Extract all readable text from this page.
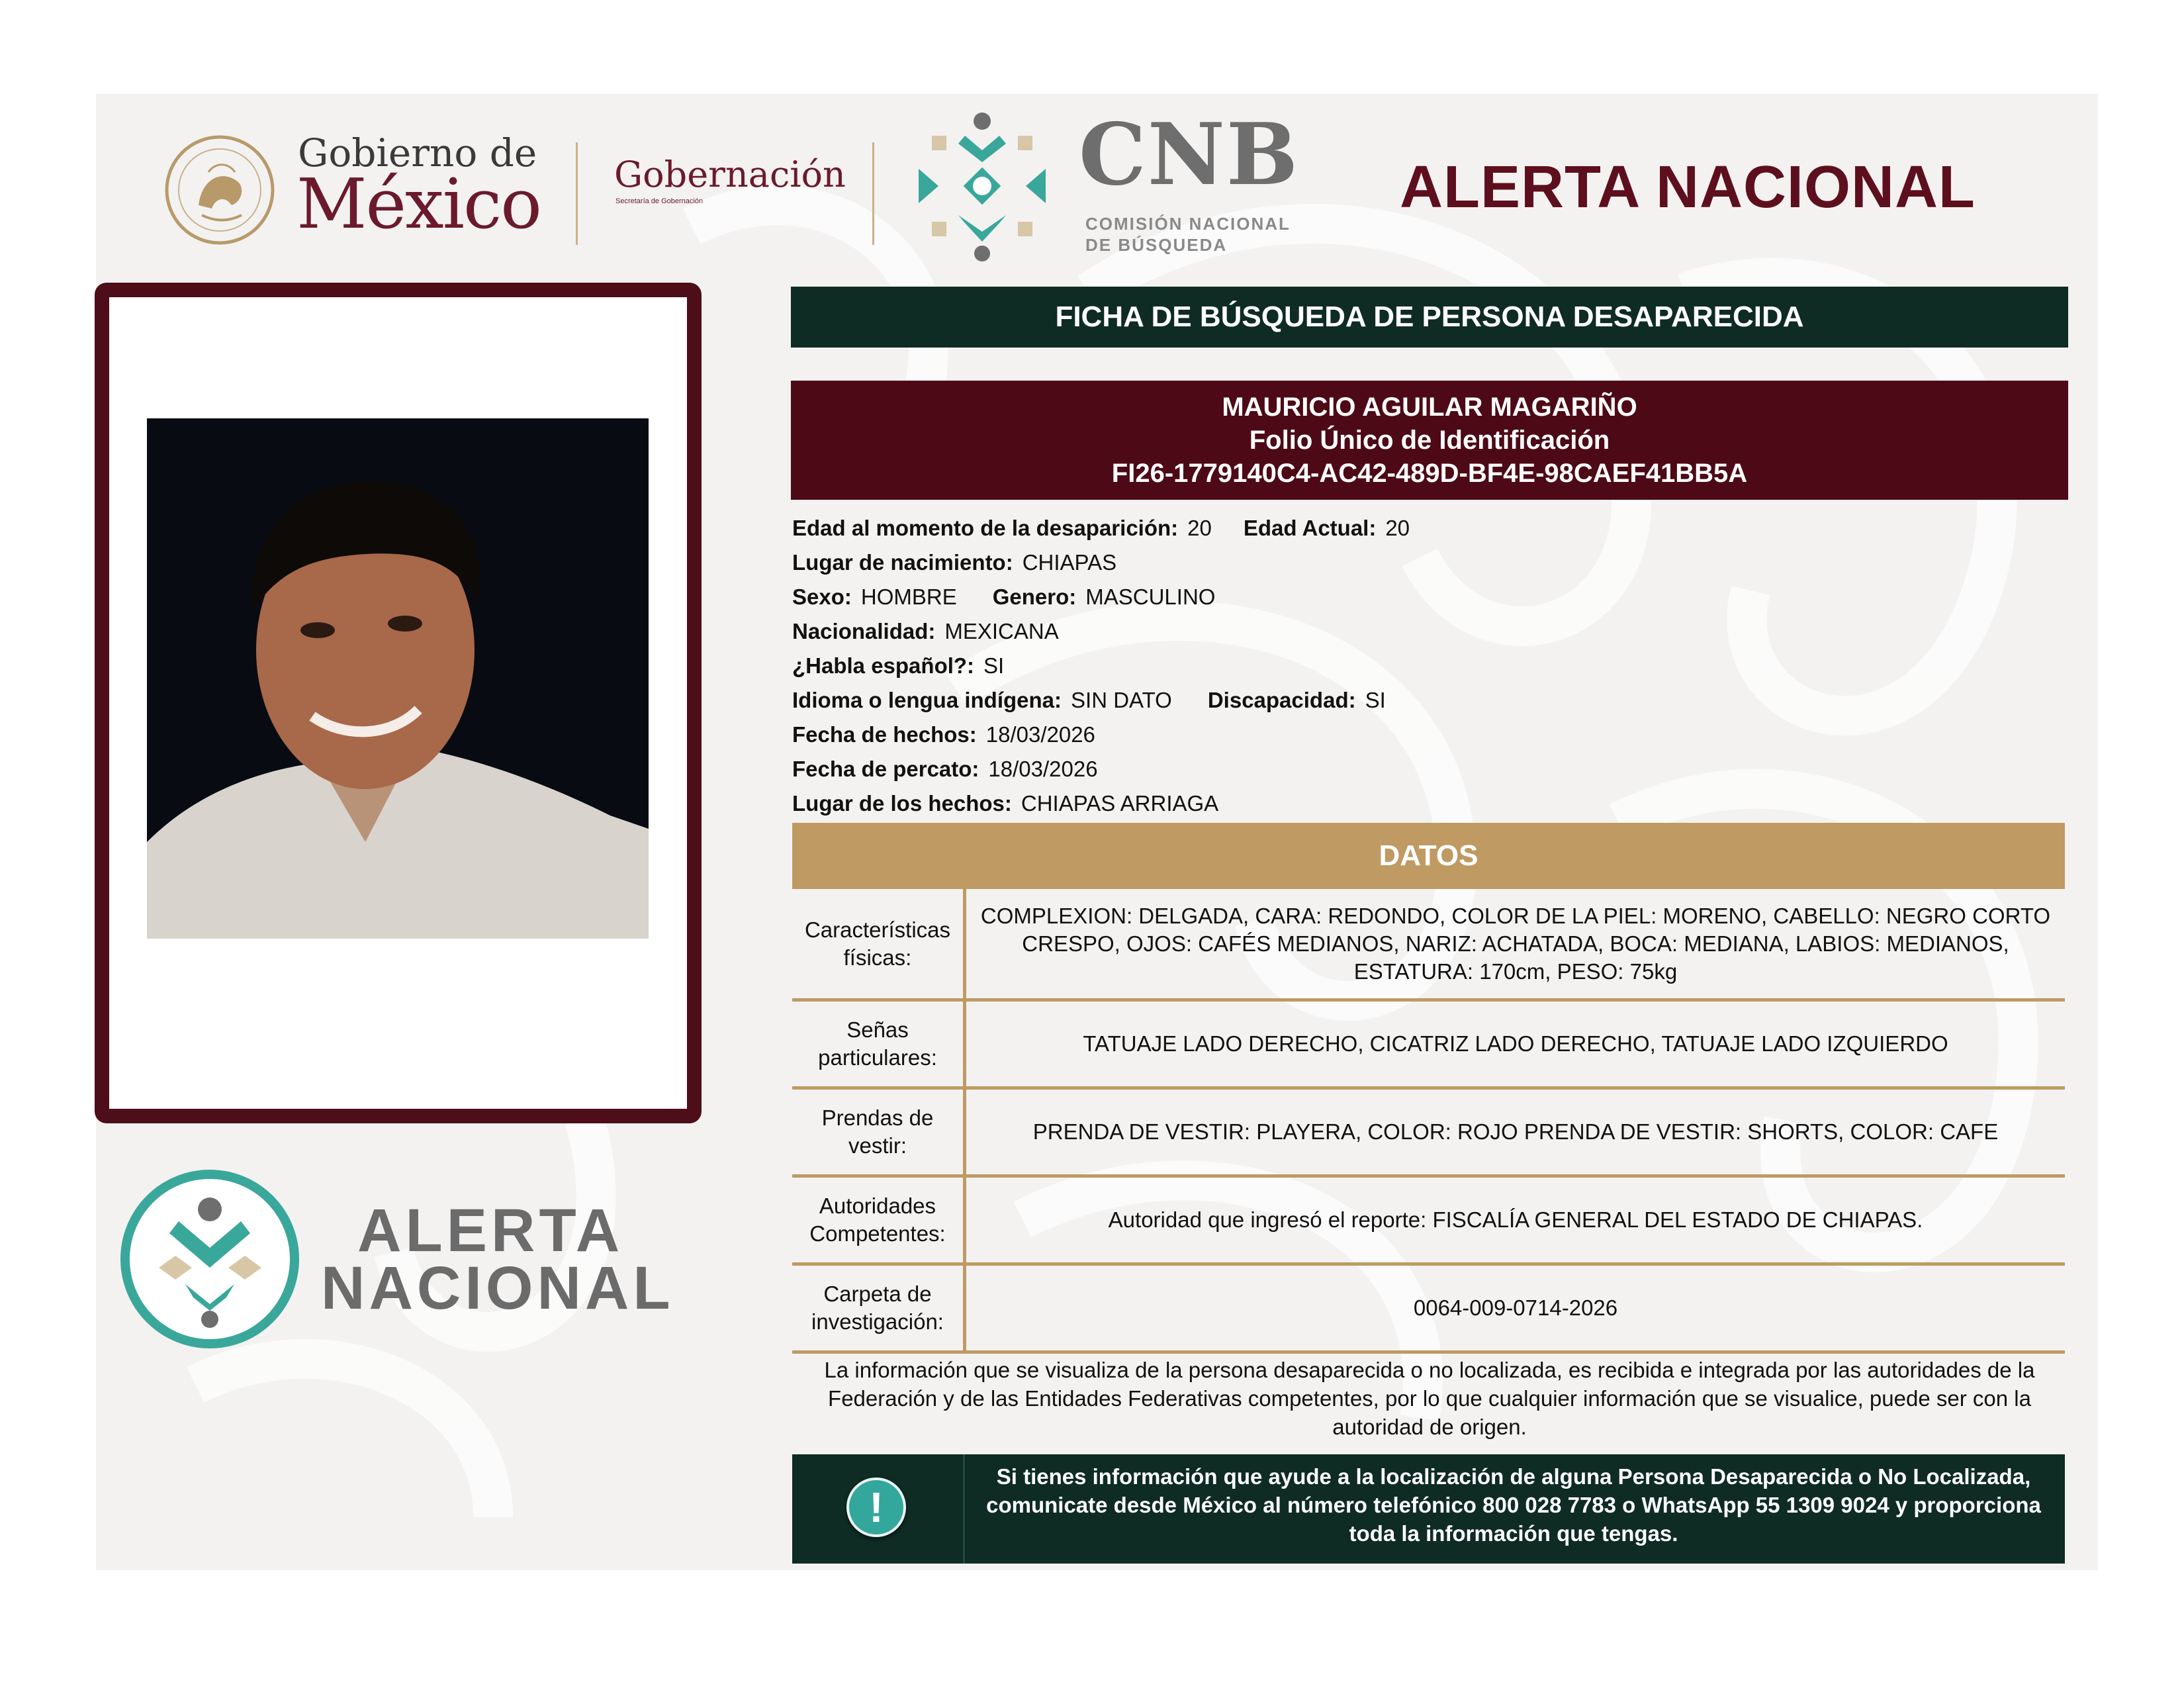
Gobierno de
México Gobernación
Secretaría de Gobernación	CNB
COMISIÓN NACIONAL
DE BÚSQUEDA
ALERTA NACIONAL
ALERTA
NACIONAL
FICHA DE BÚSQUEDA DE PERSONA DESAPARECIDA
MAURICIO AGUILAR MAGARIÑO
Folio Único de Identificación
FI26-1779140C4-AC42-489D-BF4E-98CAEF41BB5A
Edad al momento de la desaparición: 20 Edad Actual: 20
Lugar de nacimiento: CHIAPAS
Sexo: HOMBRE Genero: MASCULINO
Nacionalidad: MEXICANA
¿Habla español?: SI
Idioma o lengua indígena: SIN DATO Discapacidad: SI
Fecha de hechos: 18/03/2026
Fecha de percato: 18/03/2026
Lugar de los hechos: CHIAPAS ARRIAGA
DATOS
Características
físicas:
COMPLEXION: DELGADA, CARA: REDONDO, COLOR DE LA PIEL: MORENO, CABELLO: NEGRO CORTO CRESPO, OJOS: CAFÉS MEDIANOS, NARIZ: ACHATADA, BOCA: MEDIANA, LABIOS: MEDIANOS, ESTATURA: 170cm, PESO: 75kg
Señas
particulares:
TATUAJE LADO DERECHO, CICATRIZ LADO DERECHO, TATUAJE LADO IZQUIERDO
Prendas de
vestir:
PRENDA DE VESTIR: PLAYERA, COLOR: ROJO PRENDA DE VESTIR: SHORTS, COLOR: CAFE
Autoridades
Competentes:
Autoridad que ingresó el reporte: FISCALÍA GENERAL DEL ESTADO DE CHIAPAS.
Carpeta de
investigación:
0064-009-0714-2026
La información que se visualiza de la persona desaparecida o no localizada, es recibida e integrada por las autoridades de la Federación y de las Entidades Federativas competentes, por lo que cualquier información que se visualice, puede ser con la autoridad de origen.
!
Si tienes información que ayude a la localización de alguna Persona Desaparecida o No Localizada, comunicate desde México al número telefónico 800 028 7783 o WhatsApp 55 1309 9024 y proporciona toda la información que tengas.
